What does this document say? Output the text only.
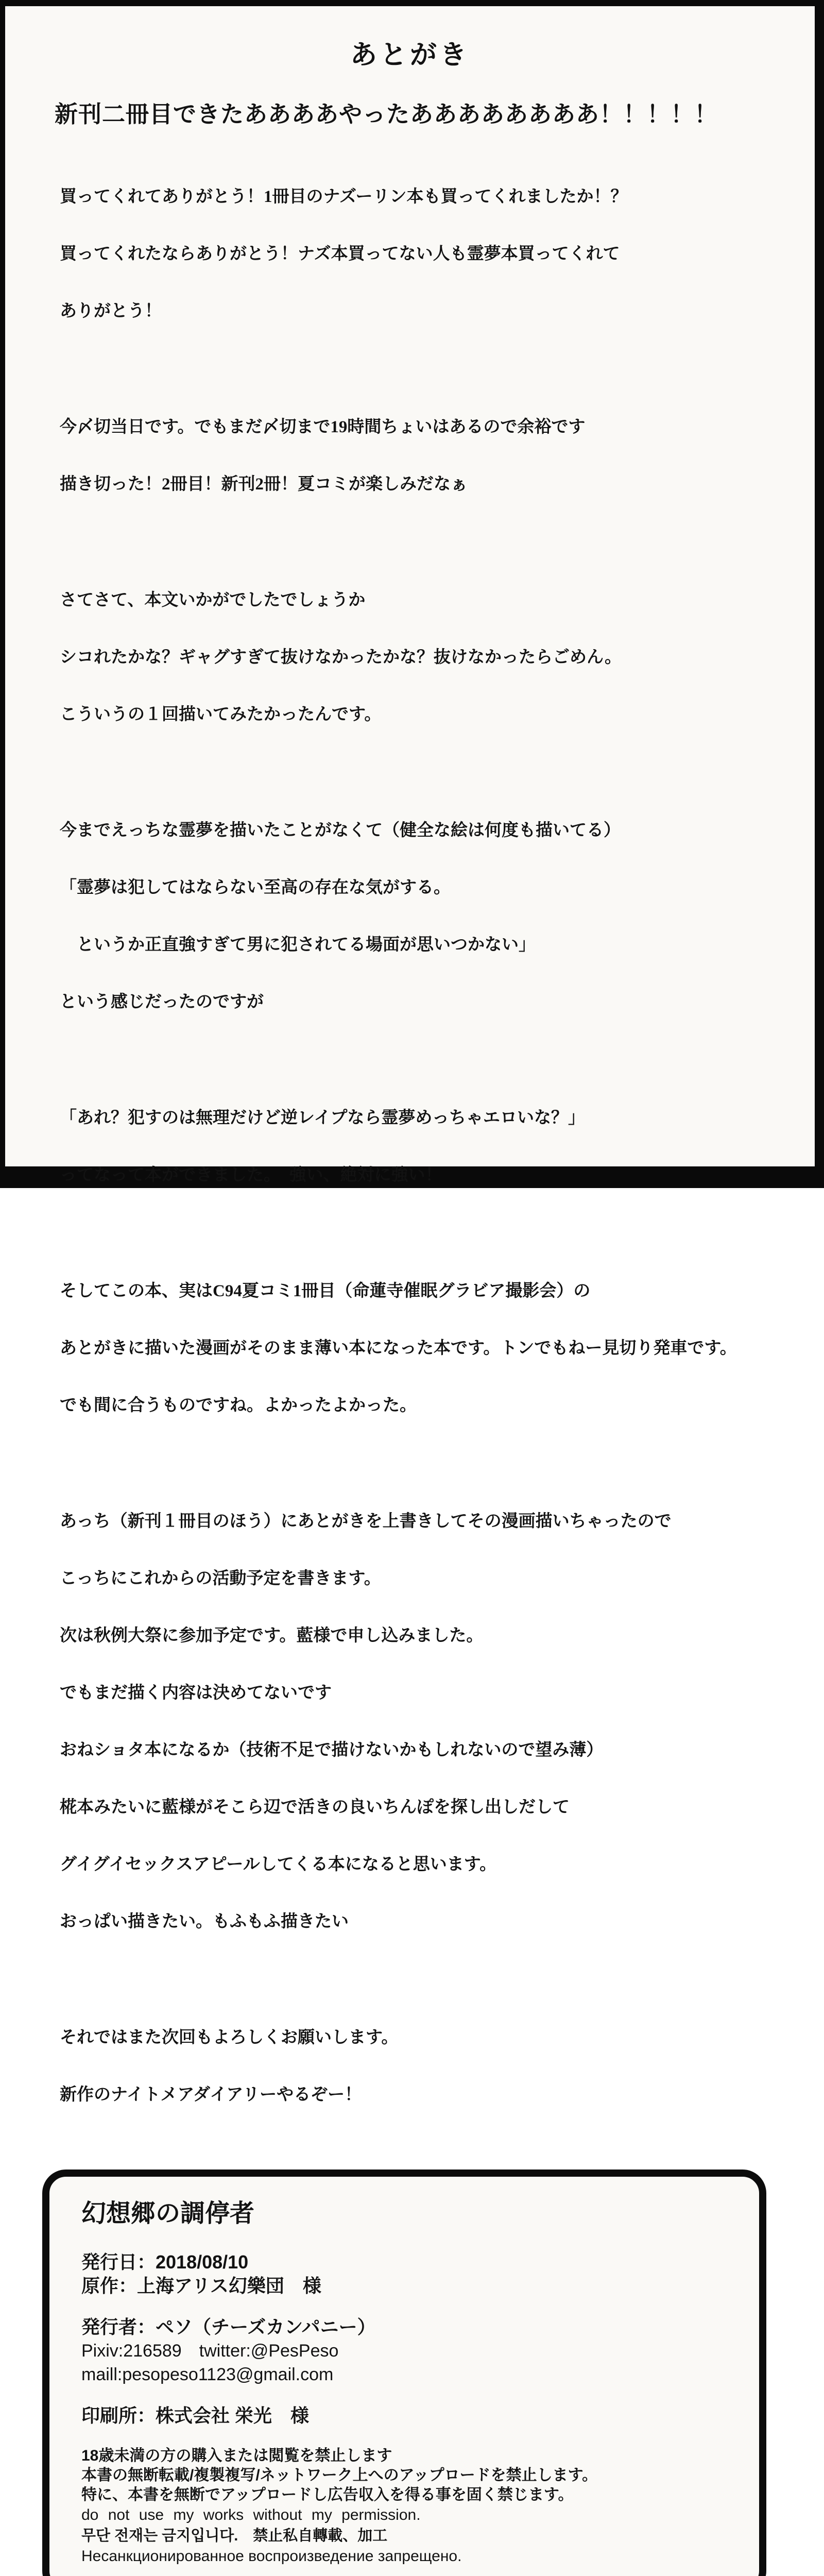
あとがき
新刊二冊目できたああああやったああああああああ！！！！！

買ってくれてありがとう！1冊目のナズーリン本も買ってくれましたか！？

買ってくれたならありがとう！ナズ本買ってない人も霊夢本買ってくれて

ありがとう！

今〆切当日です。でもまだ〆切まで19時間ちょいはあるので余裕です

描き切った！2冊目！新刊2冊！夏コミが楽しみだなぁ

さてさて、本文いかがでしたでしょうか

シコれたかな？ギャグすぎて抜けなかったかな？抜けなかったらごめん。

こういうの１回描いてみたかったんです。

今までえっちな霊夢を描いたことがなくて（健全な絵は何度も描いてる）

「霊夢は犯してはならない至高の存在な気がする。

　というか正直強すぎて男に犯されてる場面が思いつかない」

という感じだったのですが

「あれ？犯すのは無理だけど逆レイプなら霊夢めっちゃエロいな？」

ってなって本ができました。　強い、絶対に強い！

そしてこの本、実はC94夏コミ1冊目（命蓮寺催眠グラビア撮影会）の

あとがきに描いた漫画がそのまま薄い本になった本です。トンでもねー見切り発車です。

でも間に合うものですね。よかったよかった。

あっち（新刊１冊目のほう）にあとがきを上書きしてその漫画描いちゃったので

こっちにこれからの活動予定を書きます。

次は秋例大祭に参加予定です。藍様で申し込みました。

でもまだ描く内容は決めてないです

おねショタ本になるか（技術不足で描けないかもしれないので望み薄）

椛本みたいに藍様がそこら辺で活きの良いちんぽを探し出しだして

グイグイセックスアピールしてくる本になると思います。

おっぱい描きたい。もふもふ描きたい

それではまた次回もよろしくお願いします。

新作のナイトメアダイアリーやるぞー！

幻想郷の調停者
発行日：2018/08/10
原作：上海アリス幻樂団　様
発行者：ペソ（チーズカンパニー）
Pixiv:216589　twitter:@PesPeso
maill:pesopeso1123@gmail.com
印刷所：株式会社 栄光　様
18歳未満の方の購入または閲覧を禁止します
本書の無断転載/複製複写/ネットワーク上へのアップロードを禁止します。
特に、本書を無断でアップロードし広告収入を得る事を固く禁じます。
do not use my works without my permission.
무단 전재는 금지입니다.　禁止私自轉載、加工
Несанкционированное воспроизведение запрещено.
